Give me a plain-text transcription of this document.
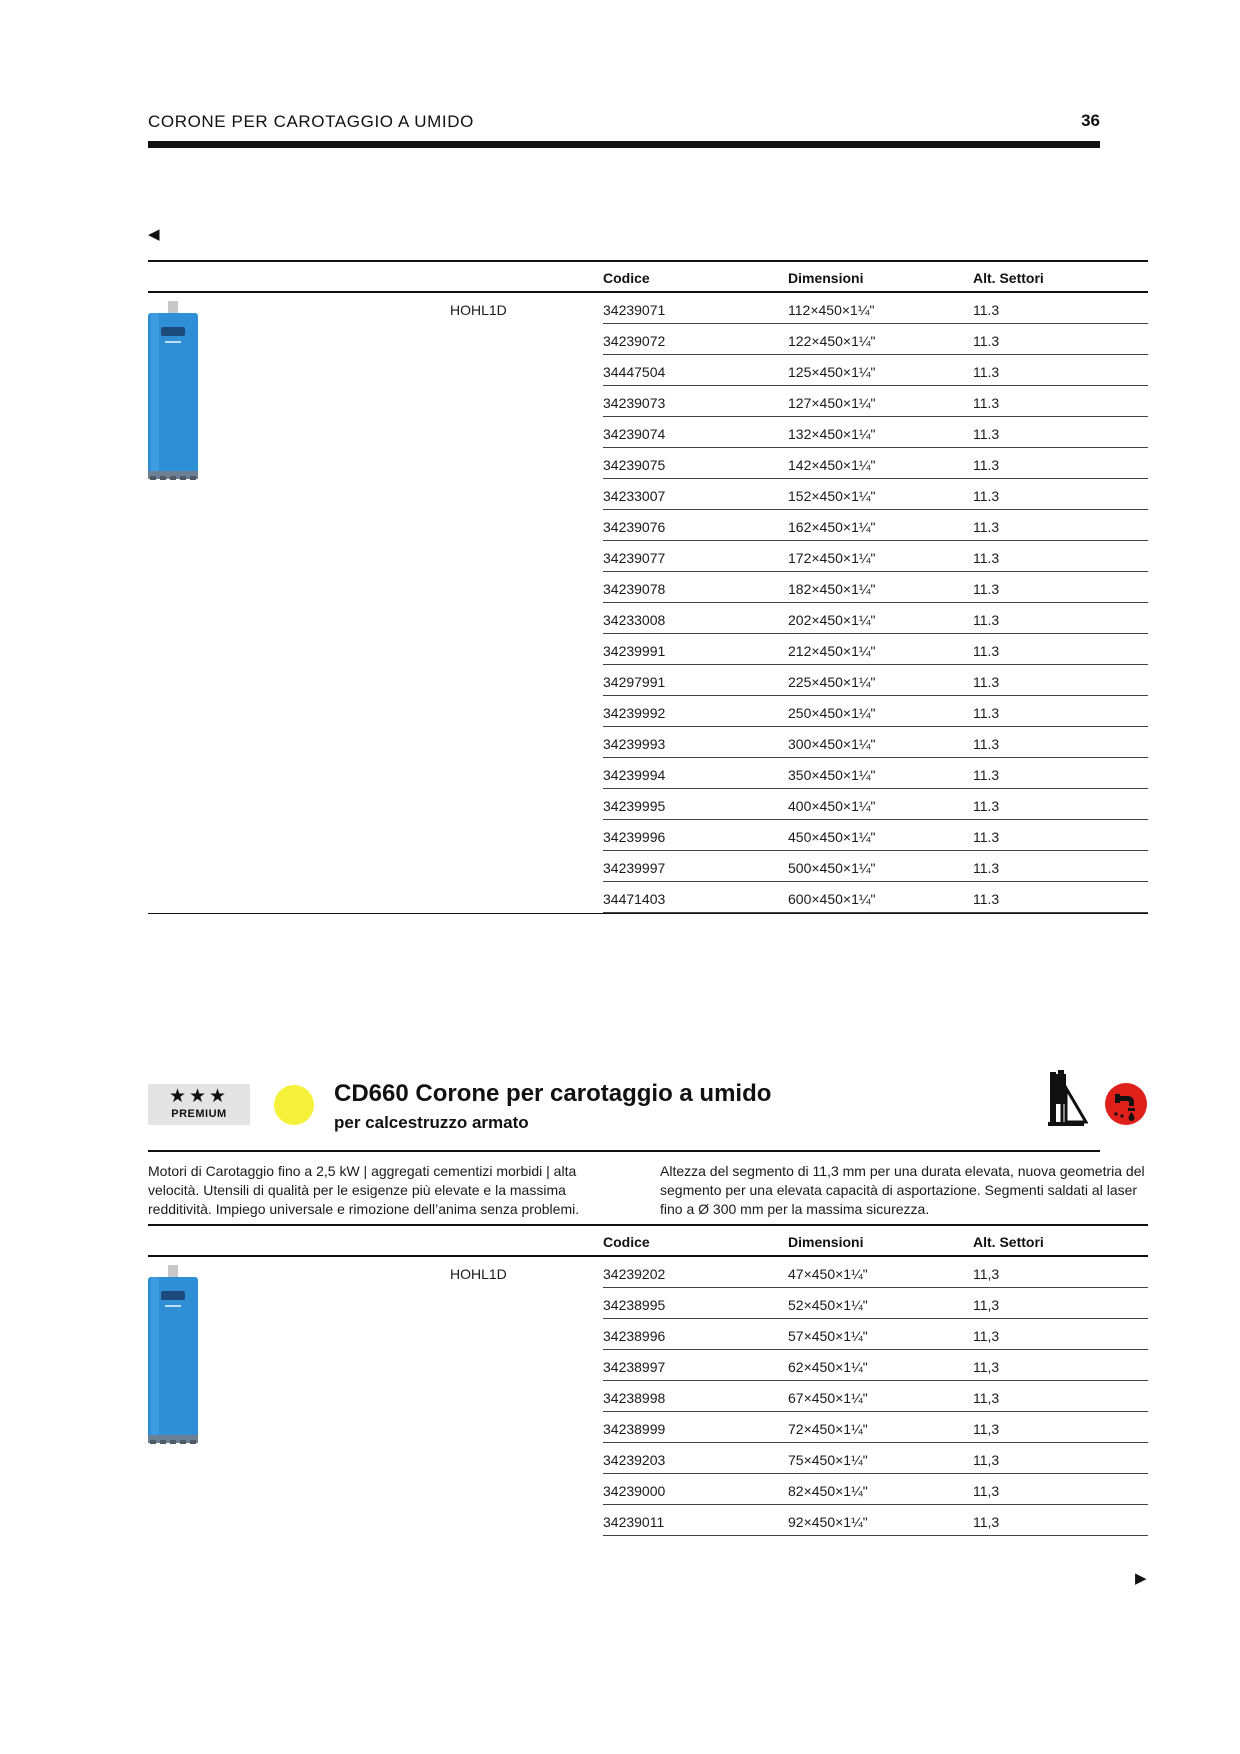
CORONE PER CAROTAGGIO A UMIDO	36
◀
Codice	Dimensioni	Alt. Settori
HOHL1D	34239071	112×450×1¼"	11.3
34239072	122×450×1¼"	11.3
34447504	125×450×1¼"	11.3
34239073	127×450×1¼"	11.3
34239074	132×450×1¼"	11.3
34239075	142×450×1¼"	11.3
34233007	152×450×1¼"	11.3
34239076	162×450×1¼"	11.3
34239077	172×450×1¼"	11.3
34239078	182×450×1¼"	11.3
34233008	202×450×1¼"	11.3
34239991	212×450×1¼"	11.3
34297991	225×450×1¼"	11.3
34239992	250×450×1¼"	11.3
34239993	300×450×1¼"	11.3
34239994	350×450×1¼"	11.3
34239995	400×450×1¼"	11.3
34239996	450×450×1¼"	11.3
34239997	500×450×1¼"	11.3
34471403	600×450×1¼"	11.3
★★★
PREMIUM
CD660 Corone per carotaggio a umido
per calcestruzzo armato
Motori di Carotaggio fino a 2,5 kW | aggregati cementizi morbidi | alta velocità. Utensili di qualità per le esigenze più elevate e la massima redditività. Impiego universale e rimozione dell’anima senza problemi.
Altezza del segmento di 11,3 mm per una durata elevata, nuova geometria del segmento per una elevata capacità di asportazione. Segmenti saldati al laser fino a Ø 300 mm per la massima sicurezza.
Codice	Dimensioni	Alt. Settori
HOHL1D	34239202	47×450×1¼"	11,3
34238995	52×450×1¼"	11,3
34238996	57×450×1¼"	11,3
34238997	62×450×1¼"	11,3
34238998	67×450×1¼"	11,3
34238999	72×450×1¼"	11,3
34239203	75×450×1¼"	11,3
34239000	82×450×1¼"	11,3
34239011	92×450×1¼"	11,3
▶
